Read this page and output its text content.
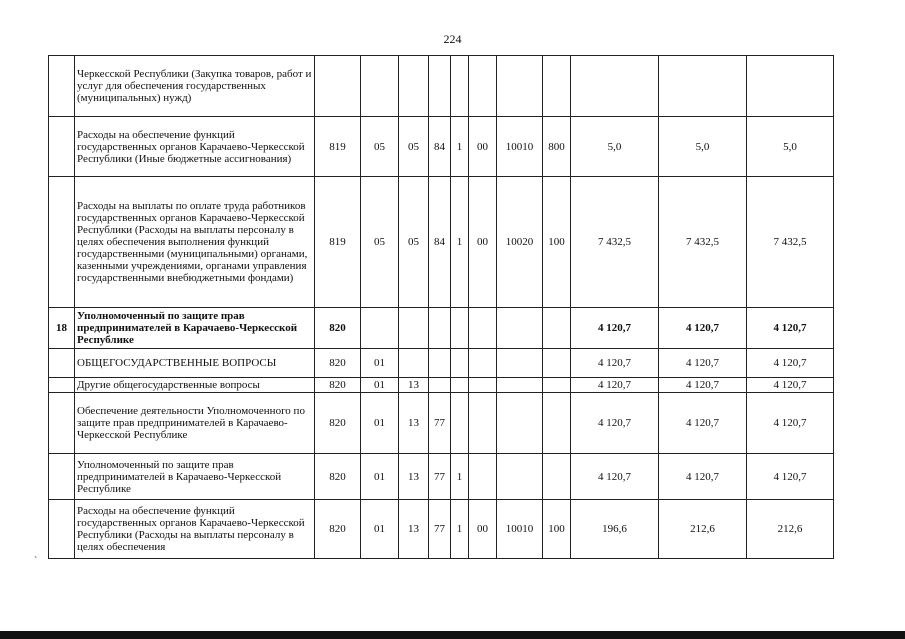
224
	Черкесской Республики (Закупка товаров, работ и услуг для обеспечения государственных (муниципальных) нужд)											
	Расходы на обеспечение функций государственных органов Карачаево-Черкесской Республики (Иные бюджетные ассигнования)	819	05	05	84	1	00	10010	800	5,0	5,0	5,0
	Расходы на выплаты по оплате труда работников государственных органов Карачаево-Черкесской Республики (Расходы на выплаты персоналу в целях обеспечения выполнения функций государственными (муниципальными) органами, казенными учреждениями, органами управления государственными внебюджетными фондами)	819	05	05	84	1	00	10020	100	7 432,5	7 432,5	7 432,5
18	Уполномоченный по защите прав предпринимателей в Карачаево-Черкесской Республике	820								4 120,7	4 120,7	4 120,7
	ОБЩЕГОСУДАРСТВЕННЫЕ ВОПРОСЫ	820	01							4 120,7	4 120,7	4 120,7
	Другие общегосударственные вопросы	820	01	13						4 120,7	4 120,7	4 120,7
	Обеспечение деятельности Уполномоченного по защите прав предпринимателей в Карачаево-Черкесской Республике	820	01	13	77					4 120,7	4 120,7	4 120,7
	Уполномоченный по защите прав предпринимателей в Карачаево-Черкесской Республике	820	01	13	77	1				4 120,7	4 120,7	4 120,7
	Расходы на обеспечение функций государственных органов Карачаево-Черкесской Республики (Расходы на выплаты персоналу в целях обеспечения	820	01	13	77	1	00	10010	100	196,6	212,6	212,6
`
